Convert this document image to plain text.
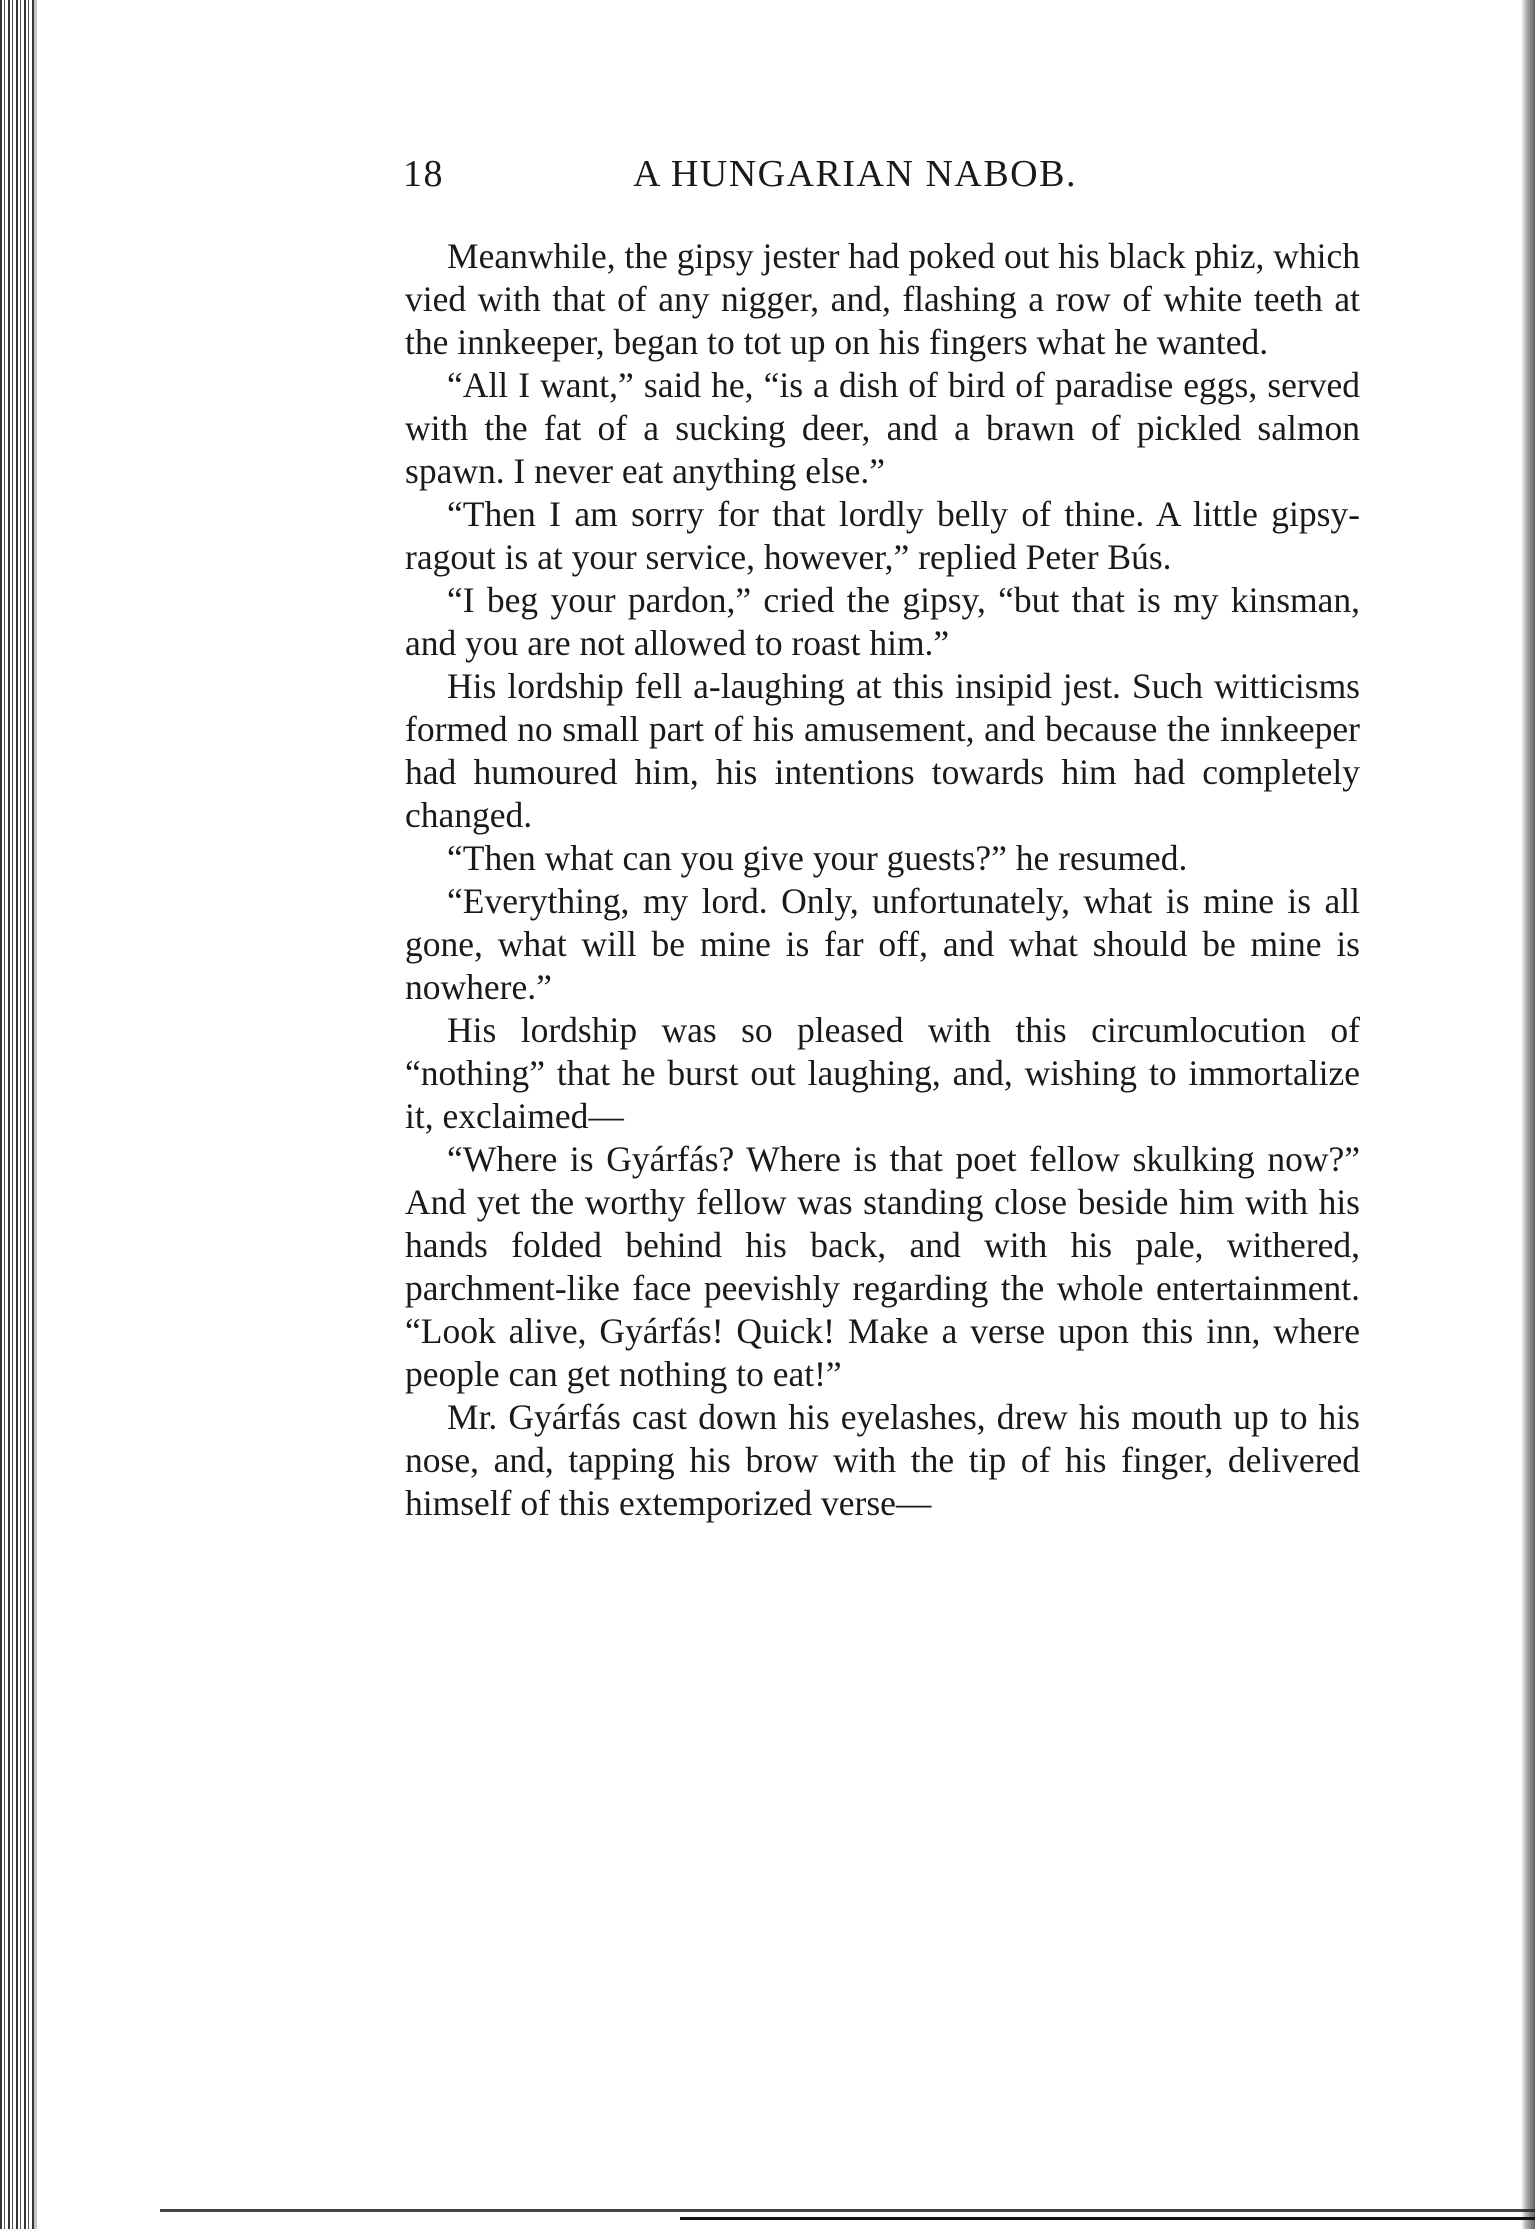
18	A HUNGARIAN NABOB.

Meanwhile, the gipsy jester had poked out his black phiz, which vied with that of any nigger, and, flashing a row of white teeth at the innkeeper, began to tot up on his fingers what he wanted.

“All I want,” said he, “is a dish of bird of paradise eggs, served with the fat of a sucking deer, and a brawn of pickled salmon spawn. I never eat anything else.”

“Then I am sorry for that lordly belly of thine. A little gipsy-ragout is at your service, however,” replied Peter Bús.

“I beg your pardon,” cried the gipsy, “but that is my kinsman, and you are not allowed to roast him.”

His lordship fell a-laughing at this insipid jest. Such witticisms formed no small part of his amusement, and because the innkeeper had humoured him, his intentions towards him had completely changed.

“Then what can you give your guests?” he resumed.

“Everything, my lord. Only, unfortunately, what is mine is all gone, what will be mine is far off, and what should be mine is nowhere.”

His lordship was so pleased with this circumlocution of “nothing” that he burst out laughing, and, wishing to immortalize it, exclaimed—

“Where is Gyárfás? Where is that poet fellow skulking now?” And yet the worthy fellow was standing close beside him with his hands folded behind his back, and with his pale, withered, parchment-like face peevishly regarding the whole entertainment. “Look alive, Gyárfás! Quick! Make a verse upon this inn, where people can get nothing to eat!”

Mr. Gyárfás cast down his eyelashes, drew his mouth up to his nose, and, tapping his brow with the tip of his finger, delivered himself of this extemporized verse—
